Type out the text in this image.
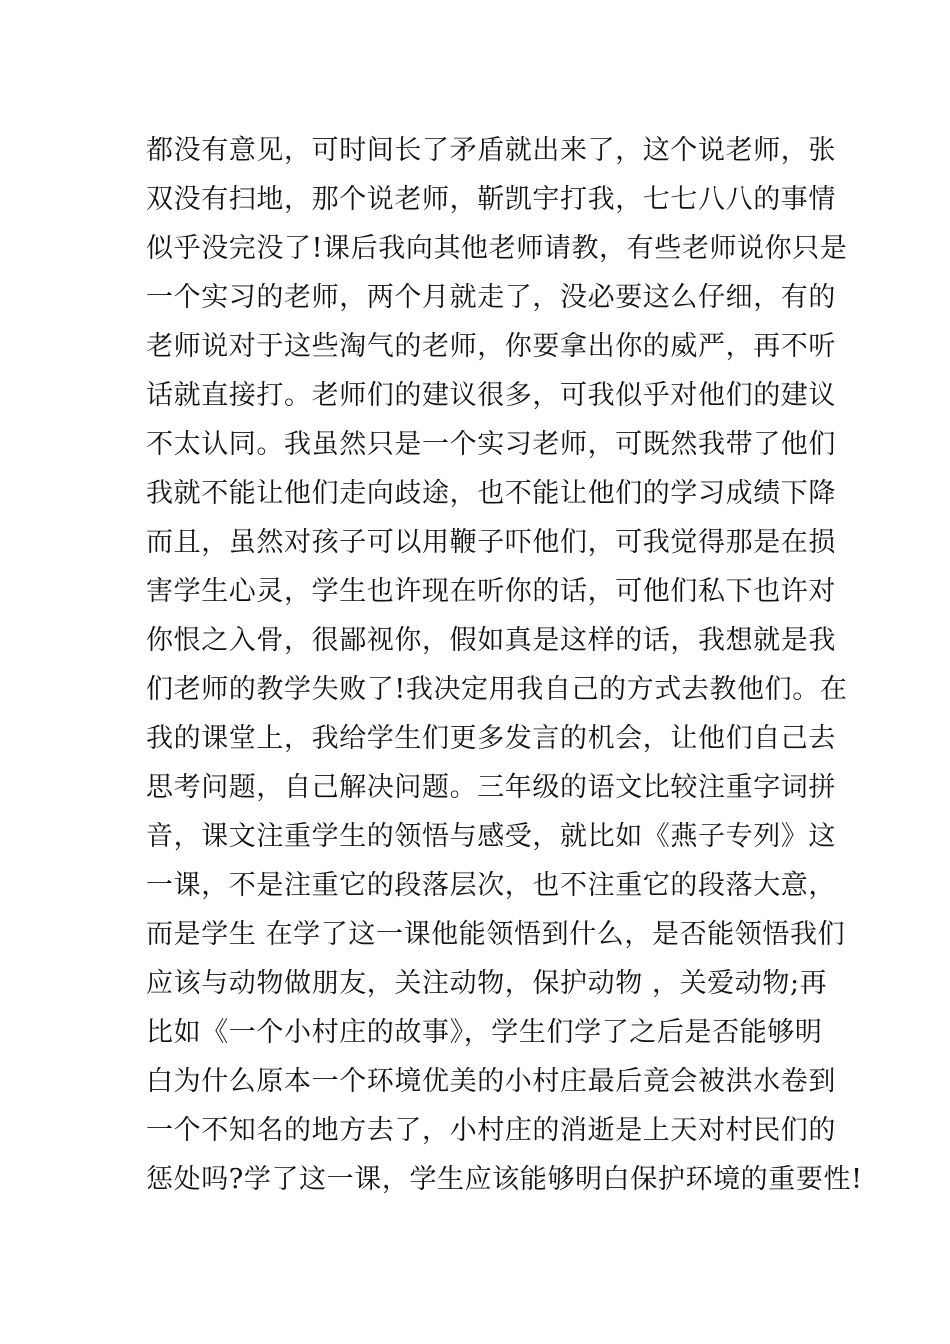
都没有意见，可时间长了矛盾就出来了，这个说老师，张
双没有扫地，那个说老师，靳凯宇打我，七七八八的事情
似乎没完没了!课后我向其他老师请教，有些老师说你只是
一个实习的老师，两个月就走了，没必要这么仔细，有的
老师说对于这些淘气的老师，你要拿出你的威严，再不听
话就直接打。老师们的建议很多，可我似乎对他们的建议
不太认同。我虽然只是一个实习老师，可既然我带了他们
我就不能让他们走向歧途，也不能让他们的学习成绩下降
而且，虽然对孩子可以用鞭子吓他们，可我觉得那是在损
害学生心灵，学生也许现在听你的话，可他们私下也许对
你恨之入骨，很鄙视你，假如真是这样的话，我想就是我
们老师的教学失败了!我决定用我自己的方式去教他们。在
我的课堂上，我给学生们更多发言的机会，让他们自己去
思考问题，自己解决问题。三年级的语文比较注重字词拼
音，课文注重学生的领悟与感受，就比如《燕子专列》这
一课，不是注重它的段落层次，也不注重它的段落大意，
而是学生 在学了这一课他能领悟到什么，是否能领悟我们
应该与动物做朋友，关注动物，保护动物 ，关爱动物;再
比如《一个小村庄的故事》，学生们学了之后是否能够明
白为什么原本一个环境优美的小村庄最后竟会被洪水卷到
一个不知名的地方去了，小村庄的消逝是上天对村民们的
惩处吗?学了这一课，学生应该能够明白保护环境的重要性!
